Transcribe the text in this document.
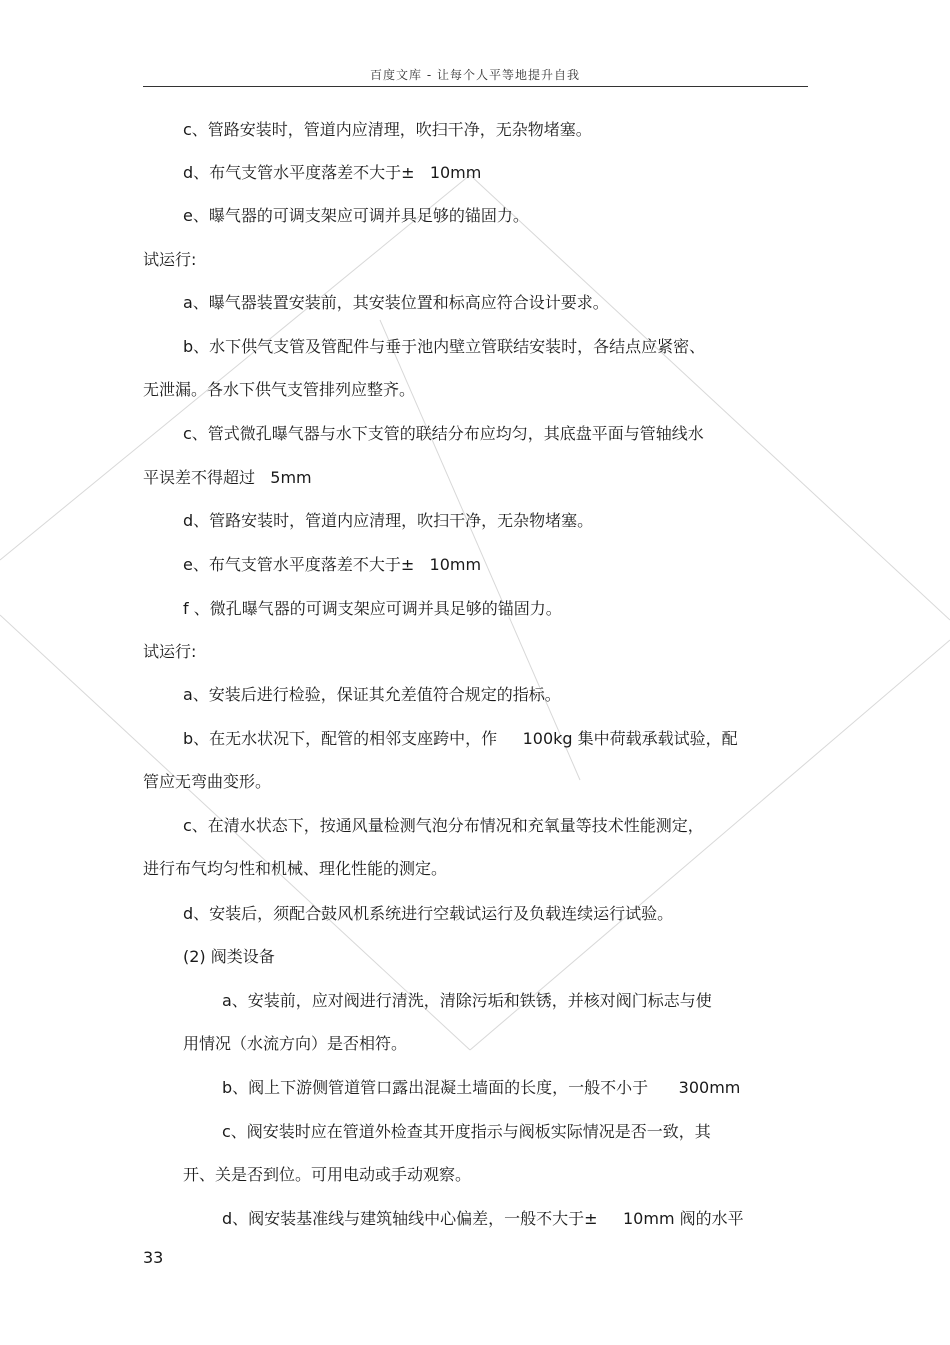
百度文库 - 让每个人平等地提升自我
c、管路安装时，管道内应清理，吹扫干净，无杂物堵塞。
d、布气支管水平度落差不大于±   10mm
e、曝气器的可调支架应可调并具足够的锚固力。
试运行:
a、曝气器装置安装前，其安装位置和标高应符合设计要求。
b、水下供气支管及管配件与垂于池内壁立管联结安装时，各结点应紧密、
无泄漏。各水下供气支管排列应整齐。
c、管式微孔曝气器与水下支管的联结分布应均匀，其底盘平面与管轴线水
平误差不得超过   5mm
d、管路安装时，管道内应清理，吹扫干净，无杂物堵塞。
e、布气支管水平度落差不大于±   10mm
f 、微孔曝气器的可调支架应可调并具足够的锚固力。
试运行:
a、安装后进行检验，保证其允差值符合规定的指标。
b、在无水状况下，配管的相邻支座跨中，作     100kg 集中荷载承载试验，配
管应无弯曲变形。
c、在清水状态下，按通风量检测气泡分布情况和充氧量等技术性能测定，
进行布气均匀性和机械、理化性能的测定。
d、安装后，须配合鼓风机系统进行空载试运行及负载连续运行试验。
(2) 阀类设备
a、安装前，应对阀进行清洗，清除污垢和铁锈，并核对阀门标志与使
用情况（水流方向）是否相符。
b、阀上下游侧管道管口露出混凝土墙面的长度，一般不小于      300mm
c、阀安装时应在管道外检查其开度指示与阀板实际情况是否一致，其
开、关是否到位。可用电动或手动观察。
d、阀安装基准线与建筑轴线中心偏差，一般不大于±     10mm 阀的水平
33
